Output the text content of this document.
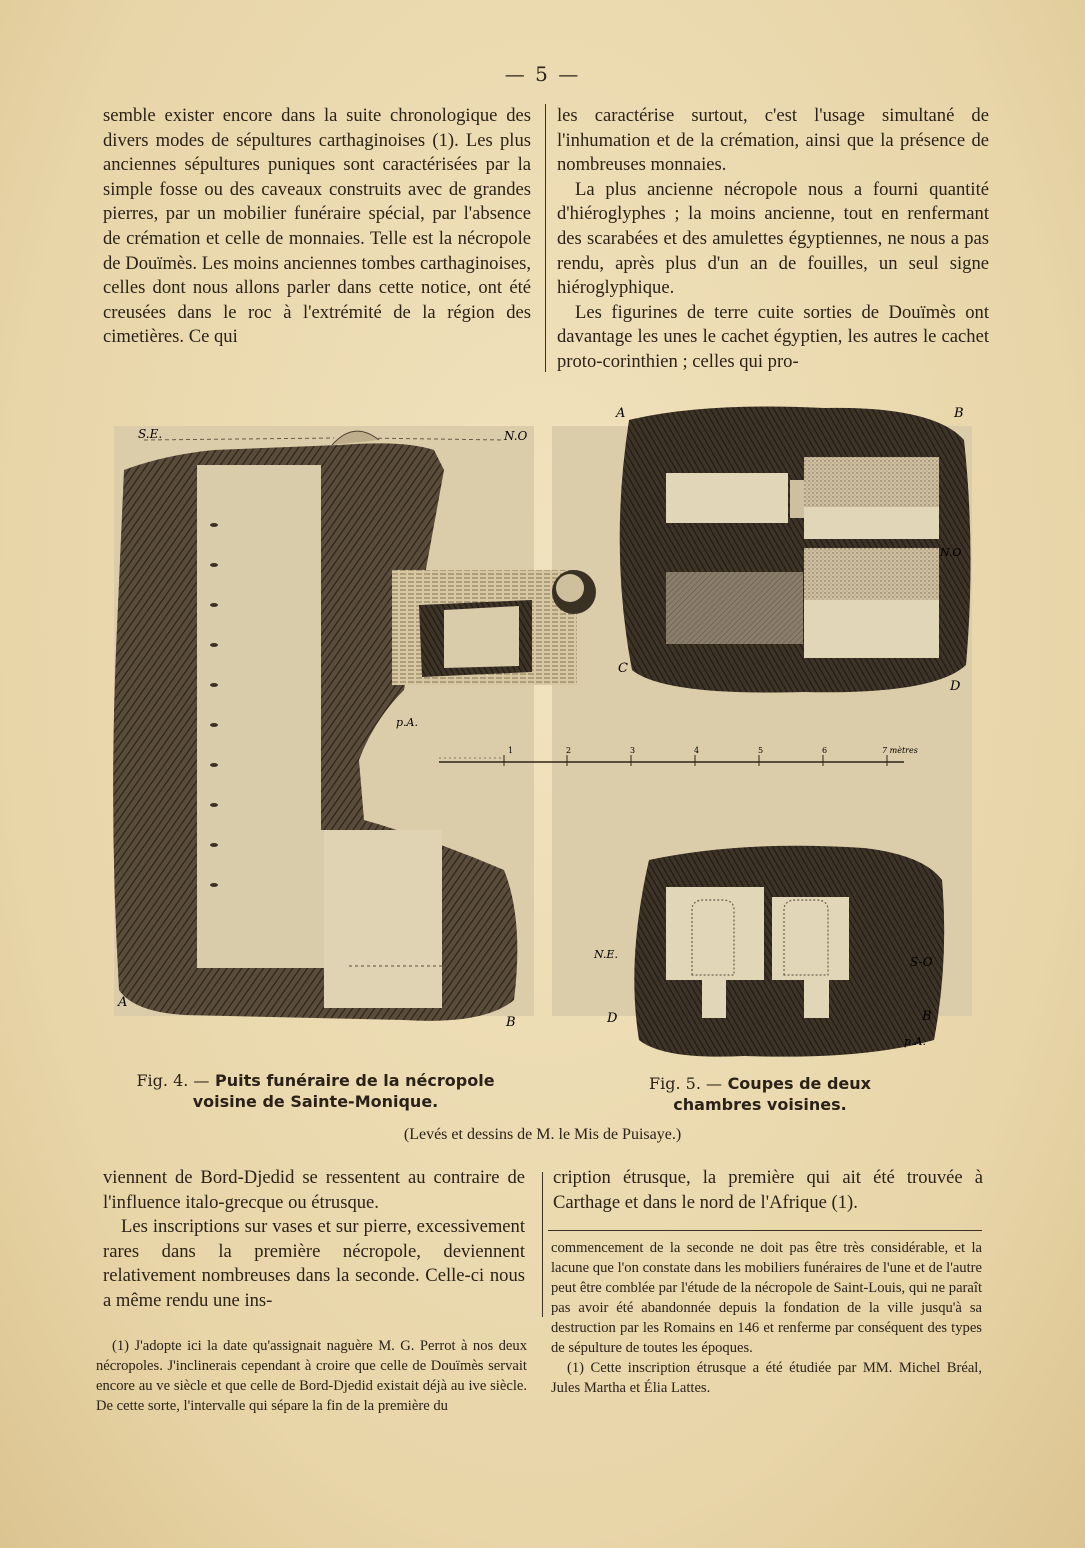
— 5 —

semble exister encore dans la suite chronologique des divers modes de sépultures carthaginoises (1). Les plus anciennes sépultures puniques sont caractérisées par la simple fosse ou des caveaux construits avec de grandes pierres, par un mobilier funéraire spécial, par l'absence de crémation et celle de monnaies. Telle est la nécropole de Douïmès. Les moins anciennes tombes carthaginoises, celles dont nous allons parler dans cette notice, ont été creusées dans le roc à l'extrémité de la région des cimetières. Ce qui

les caractérise surtout, c'est l'usage simultané de l'inhumation et de la crémation, ainsi que la présence de nombreuses monnaies.

La plus ancienne nécropole nous a fourni quantité d'hiéroglyphes ; la moins ancienne, tout en renfermant des scarabées et des amulettes égyptiennes, ne nous a pas rendu, après plus d'un an de fouilles, un seul signe hiéroglyphique.

Les figurines de terre cuite sorties de Douïmès ont davantage les unes le cachet égyptien, les autres le cachet proto-corinthien ; celles qui pro-

1	2	3	4	5	6	7 mètres
S.E.	N.O
A
B
A	B
C
D
N.O
N.E.
S-O
D	B
p.A.
p.A.
Fig. 4. — Puits funéraire de la nécropole
voisine de Sainte-Monique.
Fig. 5. — Coupes de deux
chambres voisines.
(Levés et dessins de M. le Mis de Puisaye.)

viennent de Bord-Djedid se ressentent au contraire de l'influence italo-grecque ou étrusque.

Les inscriptions sur vases et sur pierre, excessivement rares dans la première nécropole, deviennent relativement nombreuses dans la seconde. Celle-ci nous a même rendu une ins-

cription étrusque, la première qui ait été trouvée à Carthage et dans le nord de l'Afrique (1).

(1) J'adopte ici la date qu'assignait naguère M. G. Perrot à nos deux nécropoles. J'inclinerais cependant à croire que celle de Douïmès servait encore au ve siècle et que celle de Bord-Djedid existait déjà au ive siècle. De cette sorte, l'intervalle qui sépare la fin de la première du

commencement de la seconde ne doit pas être très considérable, et la lacune que l'on constate dans les mobiliers funéraires de l'une et de l'autre peut être comblée par l'étude de la nécropole de Saint-Louis, qui ne paraît pas avoir été abandonnée depuis la fondation de la ville jusqu'à sa destruction par les Romains en 146 et renferme par conséquent des types de sépulture de toutes les époques.

(1) Cette inscription étrusque a été étudiée par MM. Michel Bréal, Jules Martha et Élia Lattes.
